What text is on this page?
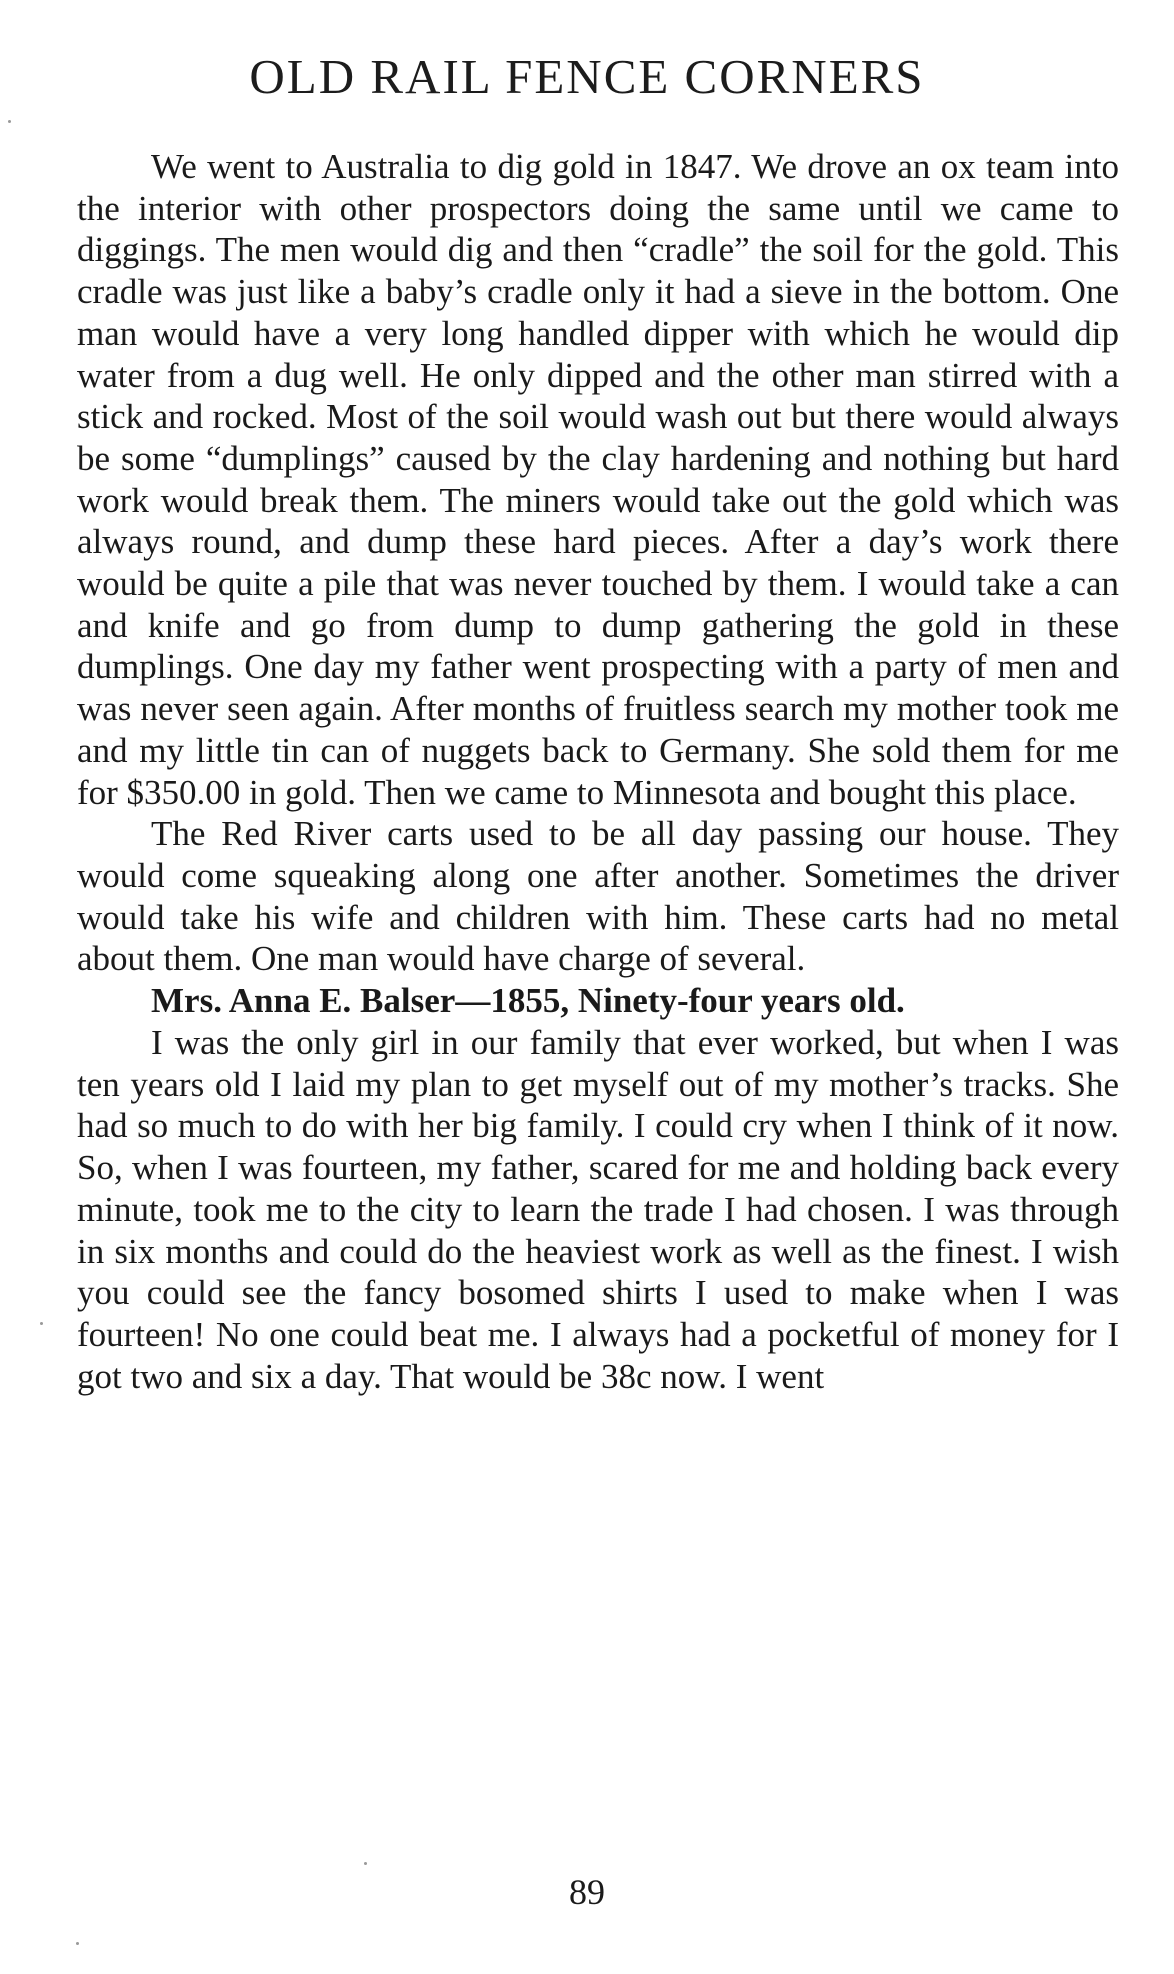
OLD RAIL FENCE CORNERS

We went to Australia to dig gold in 1847. We drove an ox team into the interior with other prospectors doing the same until we came to diggings. The men would dig and then “cradle” the soil for the gold. This cradle was just like a baby’s cradle only it had a sieve in the bottom. One man would have a very long handled dipper with which he would dip water from a dug well. He only dipped and the other man stirred with a stick and rocked. Most of the soil would wash out but there would always be some “dumplings” caused by the clay hardening and nothing but hard work would break them. The miners would take out the gold which was always round, and dump these hard pieces. After a day’s work there would be quite a pile that was never touched by them. I would take a can and knife and go from dump to dump gathering the gold in these dumplings. One day my father went prospecting with a party of men and was never seen again. After months of fruitless search my mother took me and my little tin can of nuggets back to Germany. She sold them for me for $350.00 in gold. Then we came to Minnesota and bought this place.

The Red River carts used to be all day passing our house. They would come squeaking along one after another. Sometimes the driver would take his wife and children with him. These carts had no metal about them. One man would have charge of several.

Mrs. Anna E. Balser—1855, Ninety-four years old.

I was the only girl in our family that ever worked, but when I was ten years old I laid my plan to get myself out of my mother’s tracks. She had so much to do with her big family. I could cry when I think of it now. So, when I was fourteen, my father, scared for me and holding back every minute, took me to the city to learn the trade I had chosen. I was through in six months and could do the heaviest work as well as the finest. I wish you could see the fancy bosomed shirts I used to make when I was fourteen! No one could beat me. I always had a pocketful of money for I got two and six a day. That would be 38c now. I went

89
